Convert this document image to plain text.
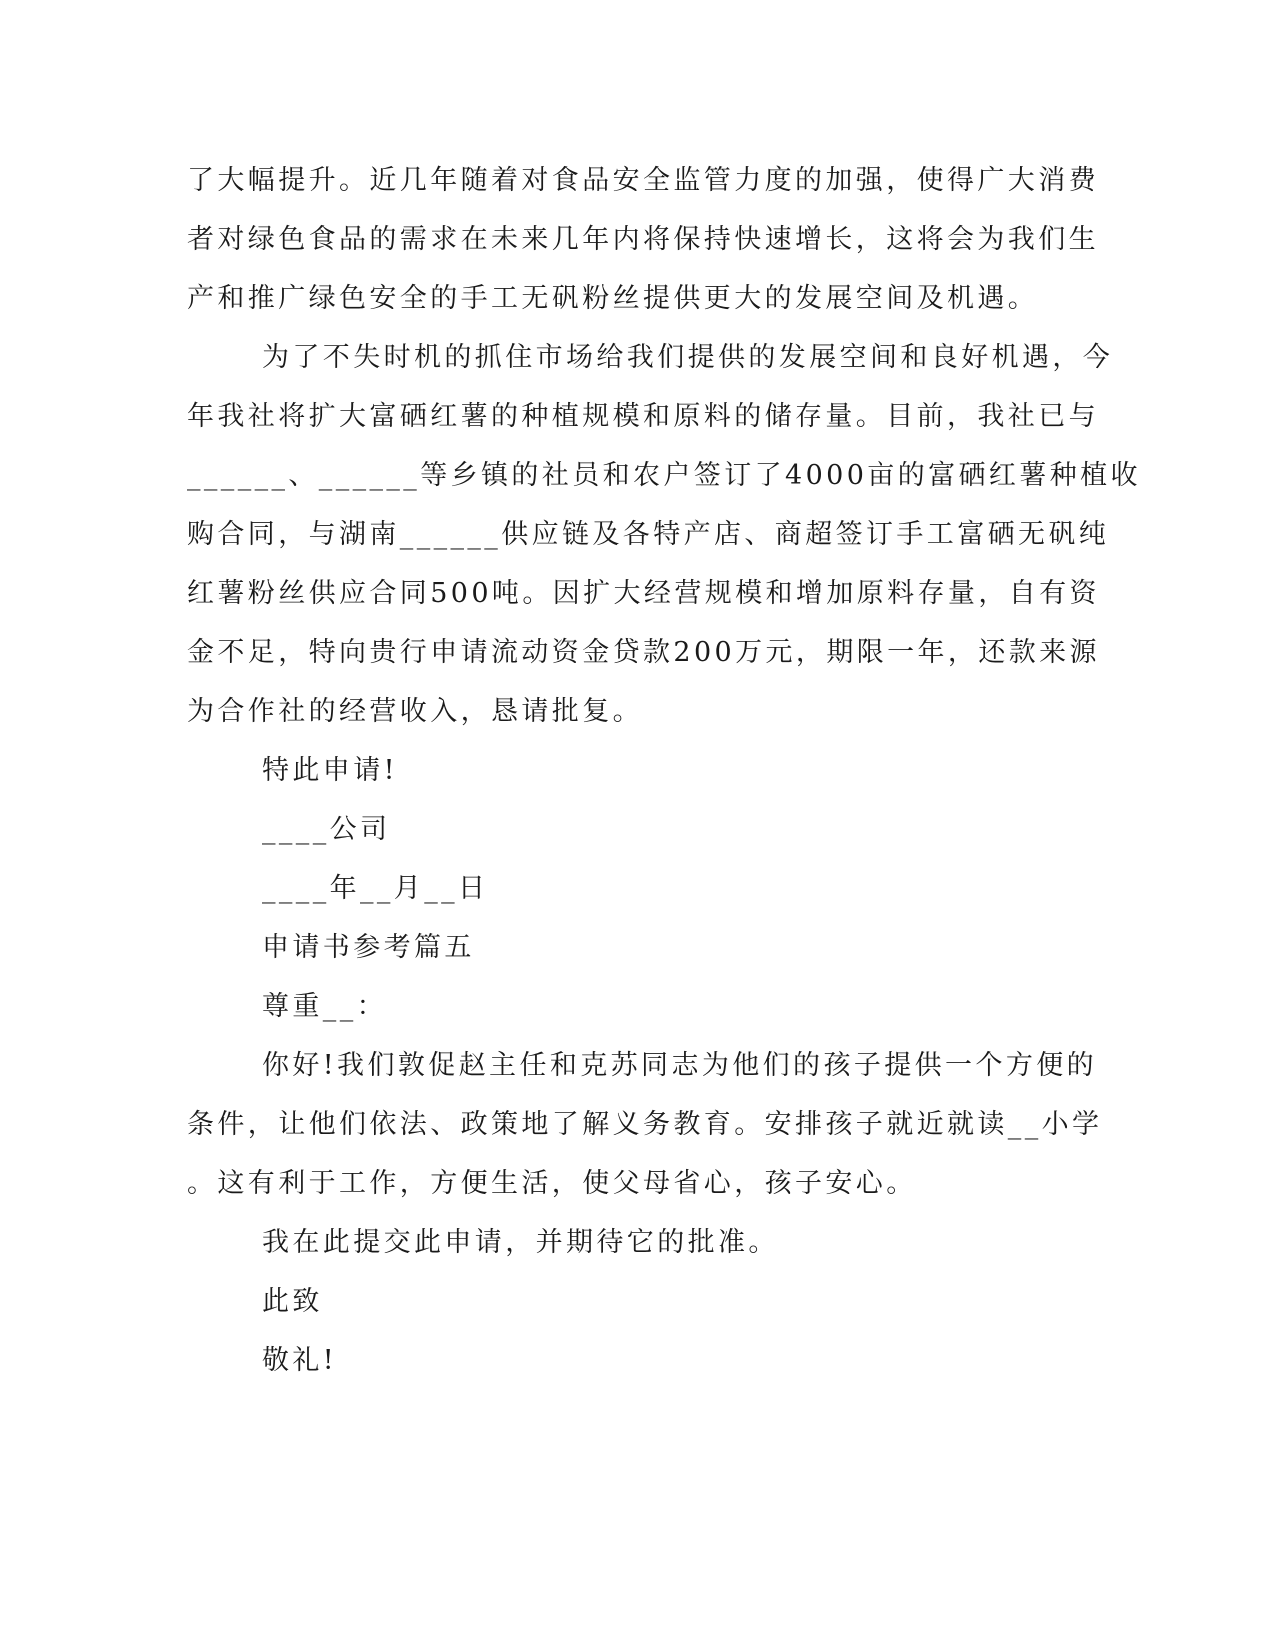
了大幅提升。近几年随着对食品安全监管力度的加强，使得广大消费
者对绿色食品的需求在未来几年内将保持快速增长，这将会为我们生
产和推广绿色安全的手工无矾粉丝提供更大的发展空间及机遇。
为了不失时机的抓住市场给我们提供的发展空间和良好机遇，今
年我社将扩大富硒红薯的种植规模和原料的储存量。目前，我社已与
______、______等乡镇的社员和农户签订了4000亩的富硒红薯种植收
购合同，与湖南______供应链及各特产店、商超签订手工富硒无矾纯
红薯粉丝供应合同500吨。因扩大经营规模和增加原料存量，自有资
金不足，特向贵行申请流动资金贷款200万元，期限一年，还款来源
为合作社的经营收入，恳请批复。
特此申请!
____公司
____年__月__日
申请书参考篇五
尊重__：
你好!我们敦促赵主任和克苏同志为他们的孩子提供一个方便的
条件，让他们依法、政策地了解义务教育。安排孩子就近就读__小学
。这有利于工作，方便生活，使父母省心，孩子安心。
我在此提交此申请，并期待它的批准。
此致
敬礼!
